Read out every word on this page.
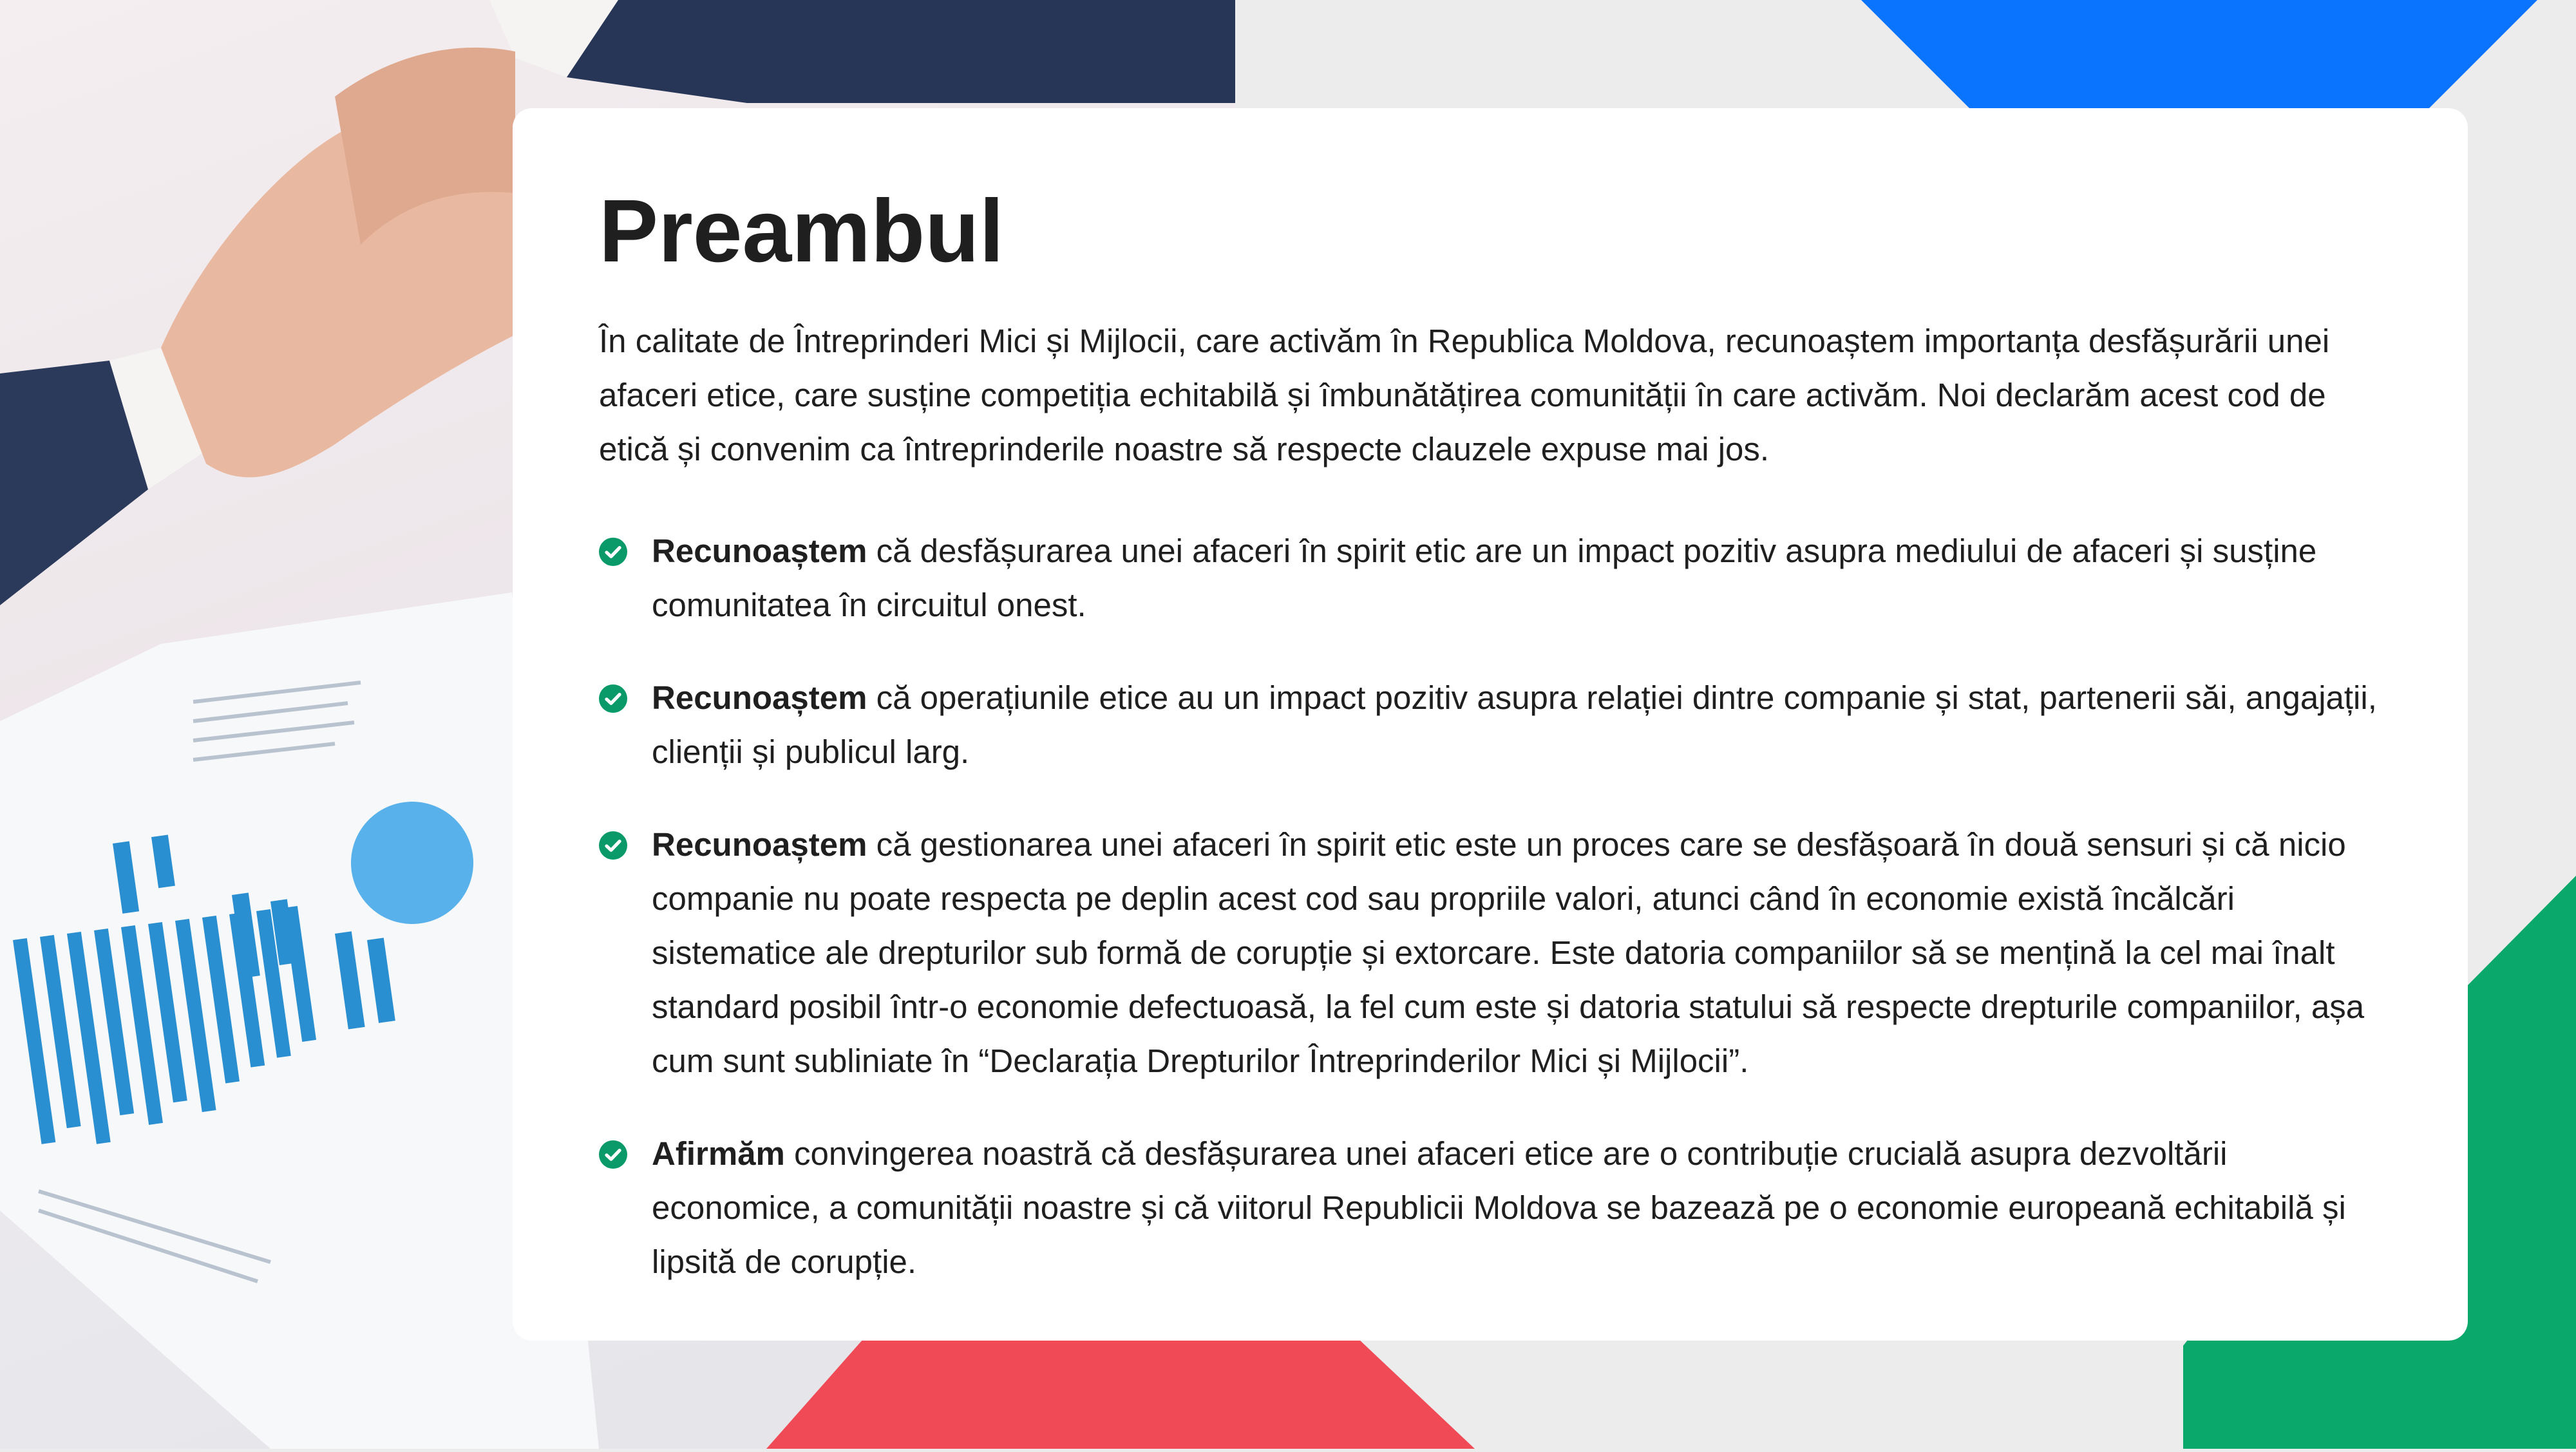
Preambul

În calitate de Întreprinderi Mici și Mijlocii, care activăm în Republica Moldova, recunoaștem importanța desfășurării unei afaceri etice, care susține competiția echitabilă și îmbunătățirea comunității în care activăm. Noi declarăm acest cod de etică și convenim ca întreprinderile noastre să respecte clauzele expuse mai jos.

Recunoaștem că desfășurarea unei afaceri în spirit etic are un impact pozitiv asupra mediului de afaceri și susține comunitatea în circuitul onest.
Recunoaștem că operațiunile etice au un impact pozitiv asupra relației dintre companie și stat, partenerii săi, angajații, clienții și publicul larg.
Recunoaștem că gestionarea unei afaceri în spirit etic este un proces care se desfășoară în două sensuri și că nicio companie nu poate respecta pe deplin acest cod sau propriile valori, atunci când în economie există încălcări sistematice ale drepturilor sub formă de corupție și extorcare. Este datoria companiilor să se mențină la cel mai înalt standard posibil într-o economie defectuoasă, la fel cum este și datoria statului să respecte drepturile companiilor, așa cum sunt subliniate în “Declarația Drepturilor Întreprinderilor Mici și Mijlocii”.
Afirmăm convingerea noastră că desfășurarea unei afaceri etice are o contribuție crucială asupra dezvoltării economice, a comunității noastre și că viitorul Republicii Moldova se bazează pe o economie europeană echitabilă și lipsită de corupție.
